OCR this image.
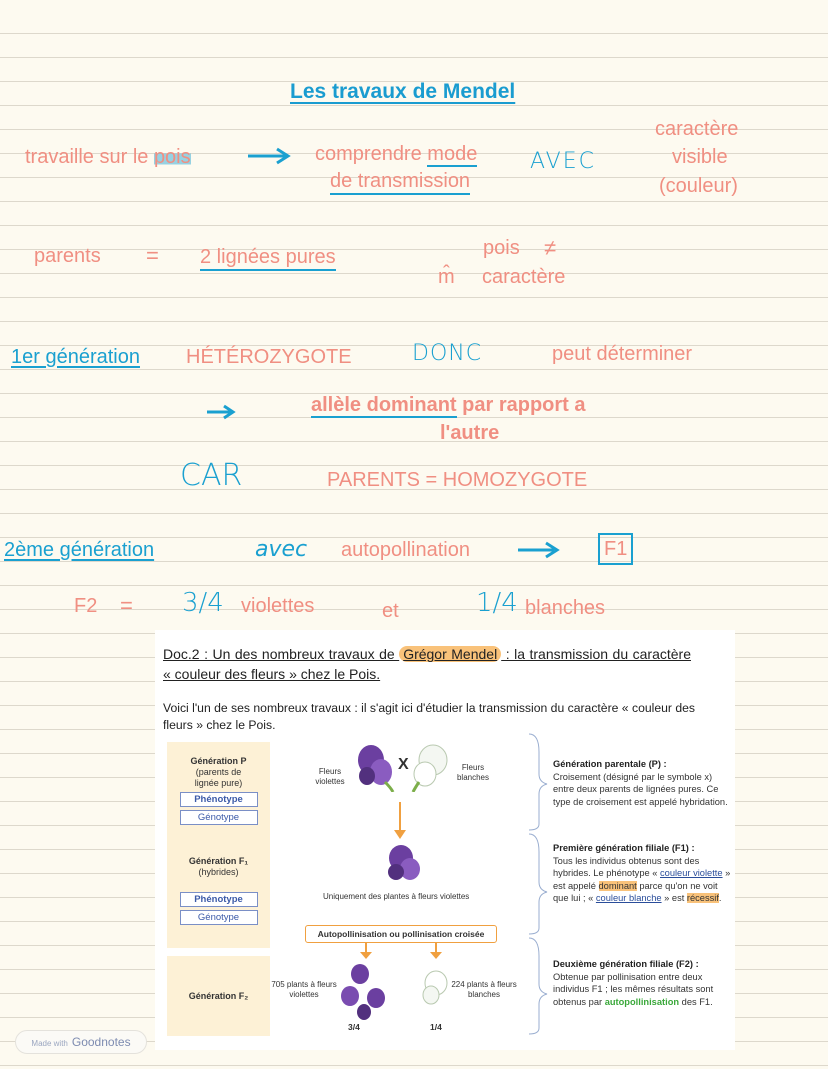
Les travaux de Mendel
travaille sur le pois	comprendre mode
de transmission
AVEC
caractère
visible
(couleur)
parents = 2 lignées pures	pois ≠
m̂ caractère
1er génération HÉTÉROZYGOTE	DONC	peut déterminer
allèle dominant par rapport a
l'autre
CAR	PARENTS = HOMOZYGOTE
2ème génération	avec autopollination	F1
F2 = 3/4 violettes	et	1/4 blanches
Doc.2 : Un des nombreux travaux de Grégor Mendel : la transmission du caractère « couleur des fleurs » chez le Pois.
Voici l'un de ses nombreux travaux : il s'agit ici d'étudier la transmission du caractère « couleur des fleurs » chez le Pois.
Génération P
(parents de lignée pure)
Phénotype
Génotype
Génération F₁
(hybrides)
Phénotype
Génotype
Génération F₂
Fleurs violettes
X	Fleurs blanches
Uniquement des plantes à fleurs violettes
Autopollinisation ou pollinisation croisée
705 plants à fleurs violettes
224 plants à fleurs blanches
3/4	1/4
Génération parentale (P) :
Croisement (désigné par le symbole x) entre deux parents de lignées pures. Ce type de croisement est appelé hybridation.
Première génération filiale (F1) :
Tous les individus obtenus sont des hybrides. Le phénotype « couleur violette » est appelé dominant parce qu'on ne voit que lui ; « couleur blanche » est récessif.
Deuxième génération filiale (F2) :
Obtenue par pollinisation entre deux individus F1 ; les mêmes résultats sont obtenus par autopollinisation des F1.
Made with Goodnotes
